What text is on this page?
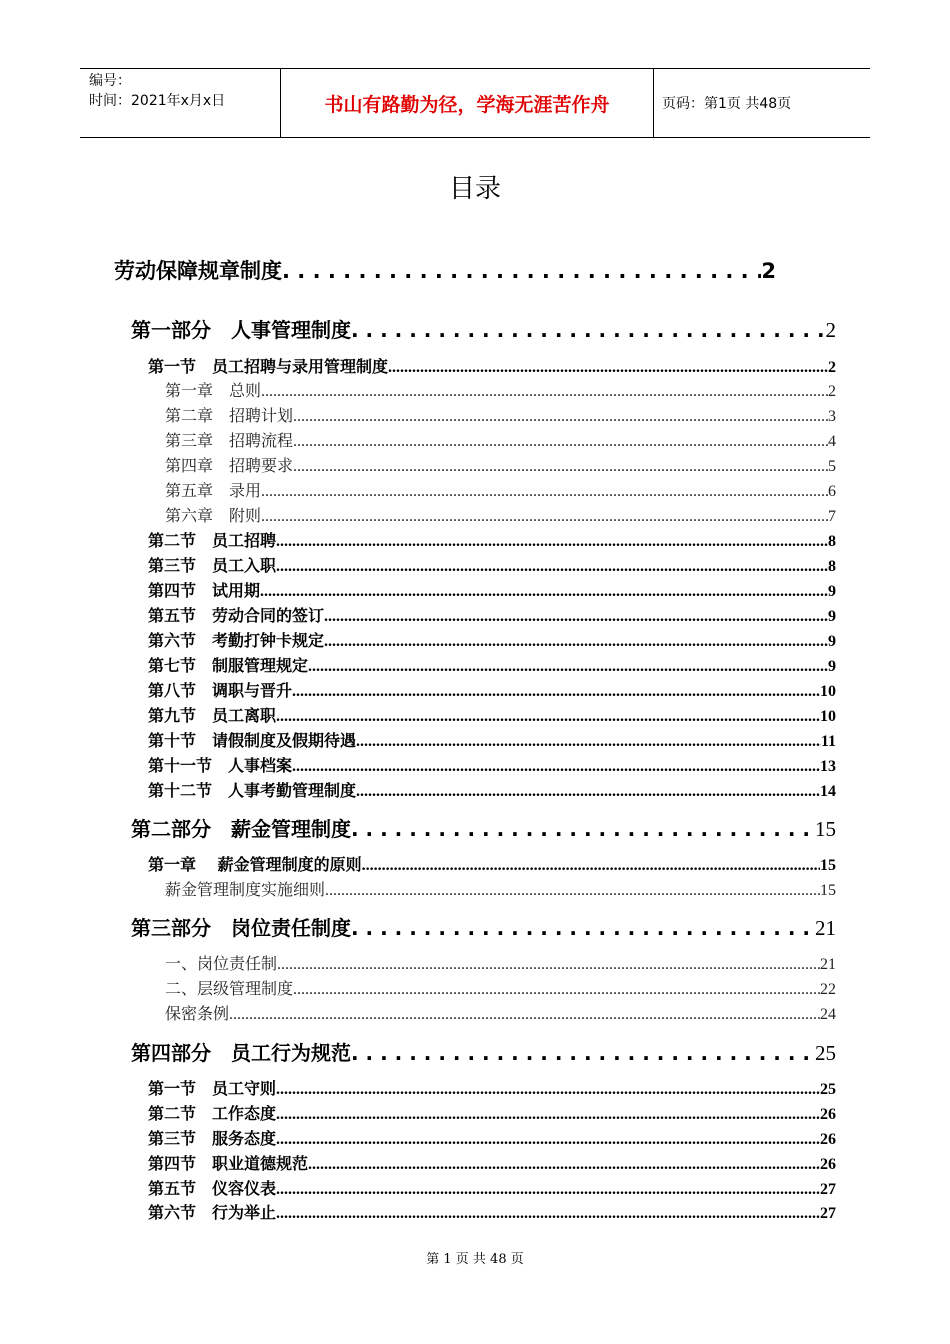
编号：
时间：2021年x月x日	书山有路勤为径，学海无涯苦作舟	页码：第1页 共48页
目录
劳动保障规章制度 . . .	2
第一部分　人事管理制度 . . .	2
第一节　员工招聘与录用管理制度 .....	2
第一章　总则 .....	2
第二章　招聘计划 .....	3
第三章　招聘流程 .....	4
第四章　招聘要求 .....	5
第五章　录用 .....	6
第六章　附则 .....	7
第二节　员工招聘 .....	8
第三节　员工入职 .....	8
第四节　试用期 .....	9
第五节　劳动合同的签订 .....	9
第六节　考勤打钟卡规定 .....	9
第七节　制服管理规定 .....	9
第八节　调职与晋升 .....	10
第九节　员工离职 .....	10
第十节　请假制度及假期待遇 .....	11
第十一节　人事档案 .....	13
第十二节　人事考勤管理制度 .....	14
第二部分　薪金管理制度 . . .	15
第一章　 薪金管理制度的原则 .....	15
薪金管理制度实施细则 .....	15
第三部分　岗位责任制度 . . .	21
一、岗位责任制 .....	21
二、层级管理制度 .....	22
保密条例 .....	24
第四部分　员工行为规范 . . .	25
第一节　员工守则 .....	25
第二节　工作态度 .....	26
第三节　服务态度 .....	26
第四节　职业道德规范 .....	26
第五节　仪容仪表 .....	27
第六节　行为举止 .....	27
第 1 页 共 48 页
